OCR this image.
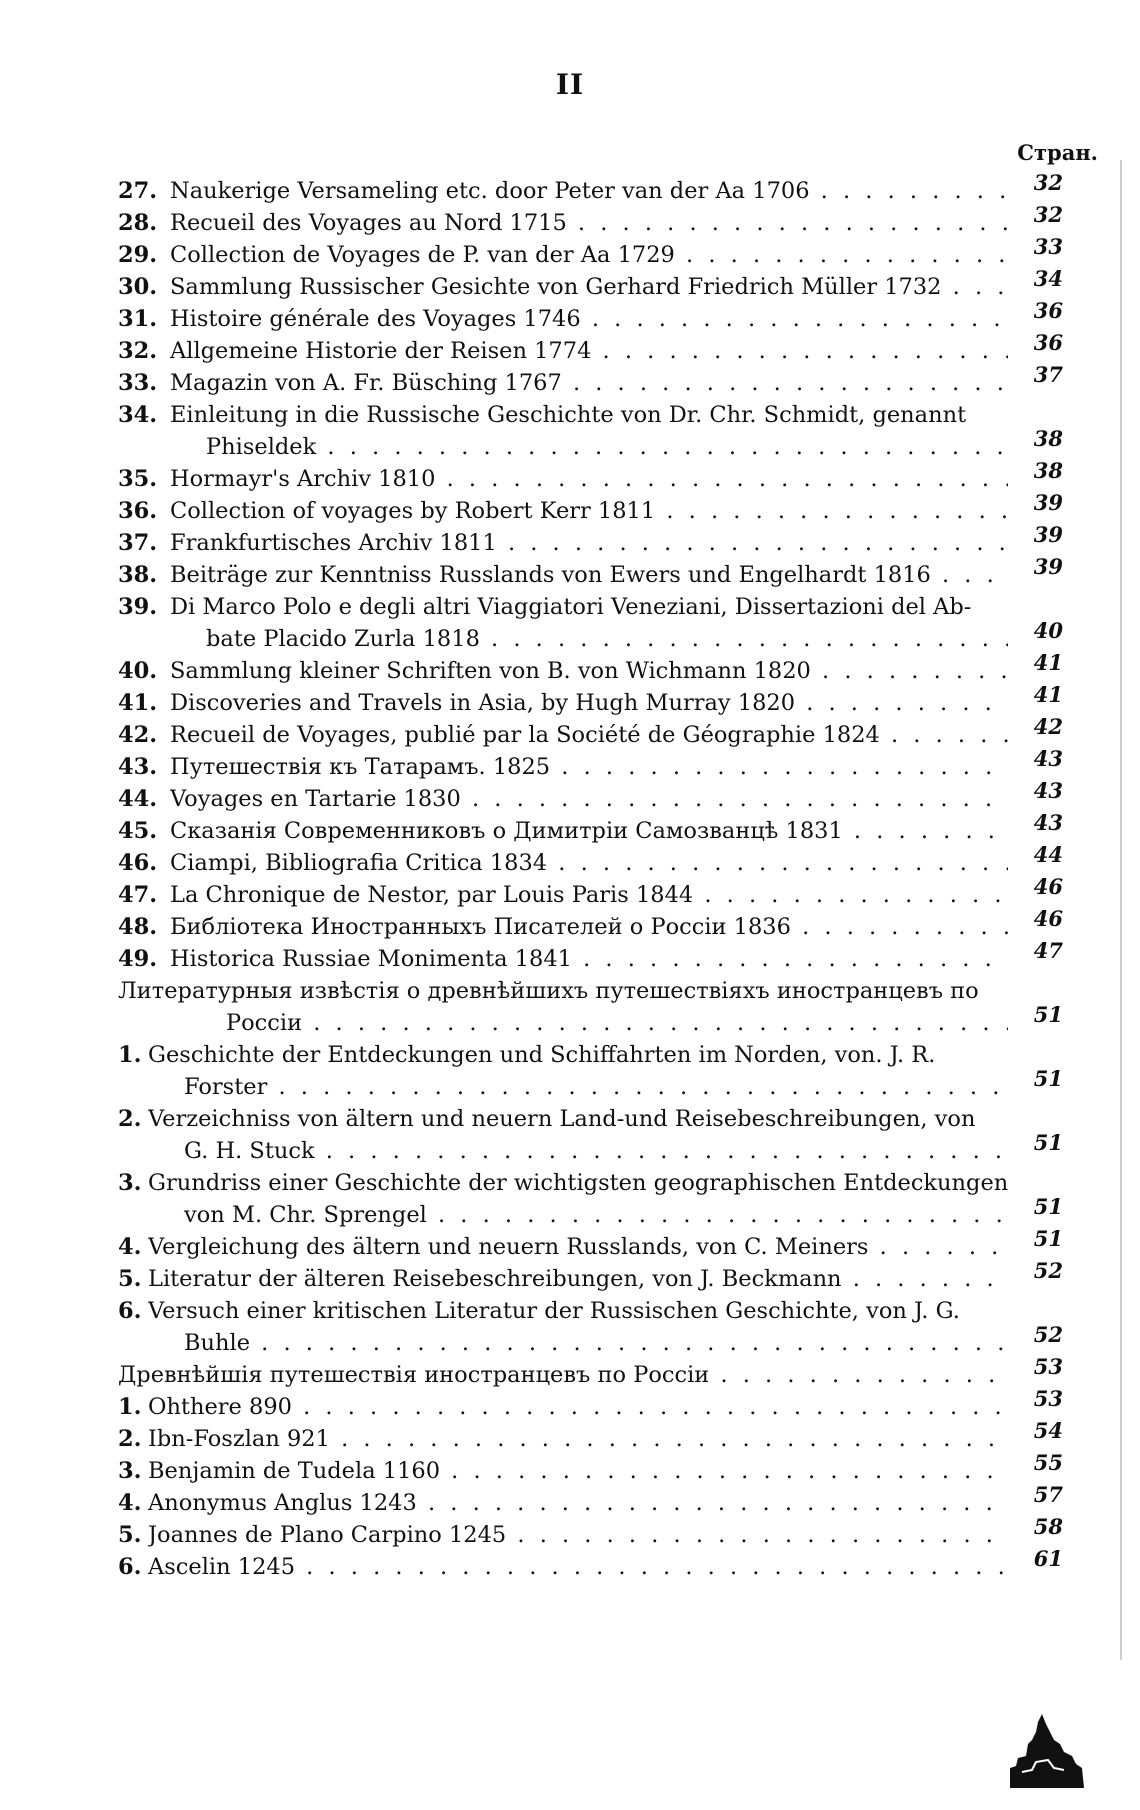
II
Стран.
27. Naukerige Versameling etc. door Peter van der Aa 1706 . . .	32
28. Recueil des Voyages au Nord 1715 . . .	32
29. Collection de Voyages de P. van der Aa 1729 . . .	33
30. Sammlung Russischer Gesichte von Gerhard Friedrich Müller 1732 . . .	34
31. Histoire générale des Voyages 1746 . . .	36
32. Allgemeine Historie der Reisen 1774 . . .	36
33. Magazin von A. Fr. Büsching 1767 . . .	37
34. Einleitung in die Russische Geschichte von Dr. Chr. Schmidt, genannt
Phiseldek . . .	38
35. Hormayr's Archiv 1810 . . .	38
36. Collection of voyages by Robert Kerr 1811 . . .	39
37. Frankfurtisches Archiv 1811 . . .	39
38. Beiträge zur Kenntniss Russlands von Ewers und Engelhardt 1816 . . .	39
39. Di Marco Polo e degli altri Viaggiatori Veneziani, Dissertazioni del Ab-
bate Placido Zurla 1818 . . .	40
40. Sammlung kleiner Schriften von B. von Wichmann 1820 . . .	41
41. Discoveries and Travels in Asia, by Hugh Murray 1820 . . .	41
42. Recueil de Voyages, publié par la Société de Géographie 1824 . . .	42
43. Путешествія къ Татарамъ. 1825 . . .	43
44. Voyages en Tartarie 1830 . . .	43
45. Сказанія Современниковъ о Димитріи Самозванцѣ 1831 . . .	43
46. Ciampi, Bibliografia Critica 1834 . . .	44
47. La Chronique de Nestor, par Louis Paris 1844 . . .	46
48. Библіотека Иностранныхъ Писателей о Россіи 1836 . . .	46
49. Historica Russiae Monimenta 1841 . . .	47
Литературныя извѣстія о древнѣйшихъ путешествіяхъ иностранцевъ по
Россіи . . .	51
1. Geschichte der Entdeckungen und Schiffahrten im Norden, von. J. R.
Forster . . .	51
2. Verzeichniss von ältern und neuern Land-und Reisebeschreibungen, von
G. H. Stuck . . .	51
3. Grundriss einer Geschichte der wichtigsten geographischen Entdeckungen
von M. Chr. Sprengel . . .	51
4. Vergleichung des ältern und neuern Russlands, von C. Meiners . . .	51
5. Literatur der älteren Reisebeschreibungen, von J. Beckmann . . .	52
6. Versuch einer kritischen Literatur der Russischen Geschichte, von J. G.
Buhle . . .	52
Древнѣйшія путешествія иностранцевъ по Россіи . . .	53
1. Ohthere 890 . . .	53
2. Ibn-Foszlan 921 . . .	54
3. Benjamin de Tudela 1160 . . .	55
4. Anonymus Anglus 1243 . . .	57
5. Joannes de Plano Carpino 1245 . . .	58
6. Ascelin 1245 . . .	61
